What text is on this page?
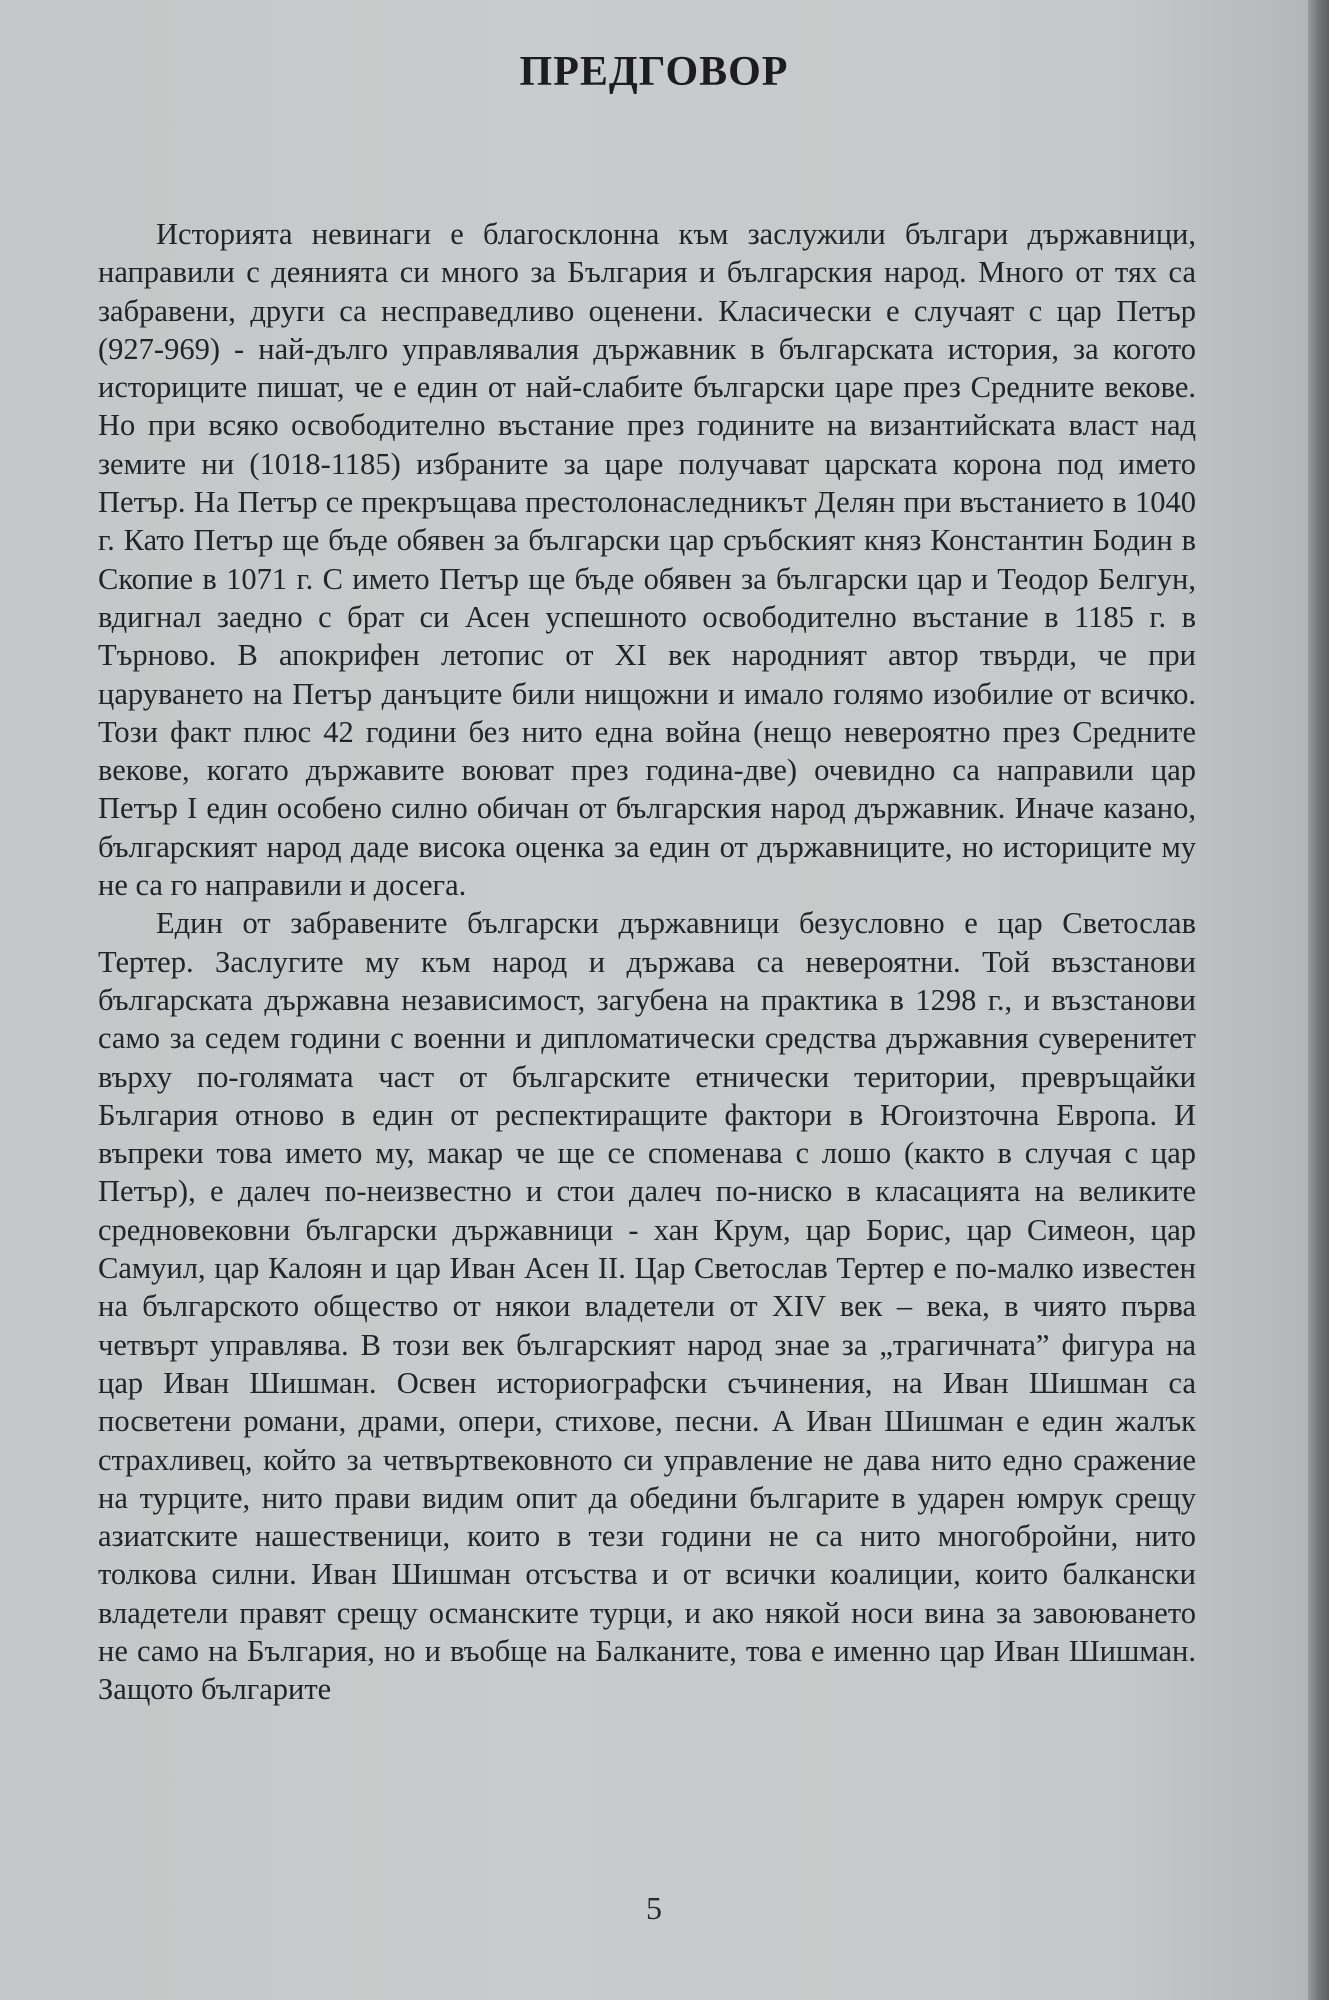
ПРЕДГОВОР

Историята невинаги е благосклонна към заслужили българи държавници, направили с деянията си много за България и българския народ. Много от тях са забравени, други са несправедливо оценени. Класически е случаят с цар Петър (927-969) - най-дълго управлявалия държавник в българската история, за когото историците пишат, че е един от най-слабите български царе през Средните векове. Но при всяко освободително въстание през годините на византийската власт над земите ни (1018-1185) избраните за царе получават царската корона под името Петър. На Петър се прекръщава престолонаследникът Делян при въстанието в 1040 г. Като Петър ще бъде обявен за български цар сръбският княз Константин Бодин в Скопие в 1071 г. С името Петър ще бъде обявен за български цар и Теодор Белгун, вдигнал заедно с брат си Асен успешното освободително въстание в 1185 г. в Търново. В апокрифен летопис от XI век народният автор твърди, че при царуването на Петър данъците били нищожни и имало голямо изобилие от всичко. Този факт плюс 42 години без нито една война (нещо невероятно през Средните векове, когато държавите воюват през година-две) очевидно са направили цар Петър I един особено силно обичан от българския народ държавник. Иначе казано, българският народ даде висока оценка за един от държавниците, но историците му не са го направили и досега.

Един от забравените български държавници безусловно е цар Светослав Тертер. Заслугите му към народ и държава са невероятни. Той възстанови българската държавна независимост, загубена на практика в 1298 г., и възстанови само за седем години с военни и дипломатически средства държавния суверенитет върху по-голямата част от българските етнически територии, превръщайки България отново в един от респектиращите фактори в Югоизточна Европа. И въпреки това името му, макар че ще се споменава с лошо (както в случая с цар Петър), е далеч по-неизвестно и стои далеч по-ниско в класацията на великите средновековни български държавници - хан Крум, цар Борис, цар Симеон, цар Самуил, цар Калоян и цар Иван Асен II. Цар Светослав Тертер е по-малко известен на българското общество от някои владетели от XIV век – века, в чиято първа четвърт управлява. В този век българският народ знае за „трагичната” фигура на цар Иван Шишман. Освен историографски съчинения, на Иван Шишман са посветени романи, драми, опери, стихове, песни. А Иван Шишман е един жалък страхливец, който за четвъртвековното си управление не дава нито едно сражение на турците, нито прави видим опит да обедини българите в ударен юмрук срещу азиатските нашественици, които в тези години не са нито многобройни, нито толкова силни. Иван Шишман отсъства и от всички коалиции, които балкански владетели правят срещу османските турци, и ако някой носи вина за завоюването не само на България, но и въобще на Балканите, това е именно цар Иван Шишман. Защото българите

5
